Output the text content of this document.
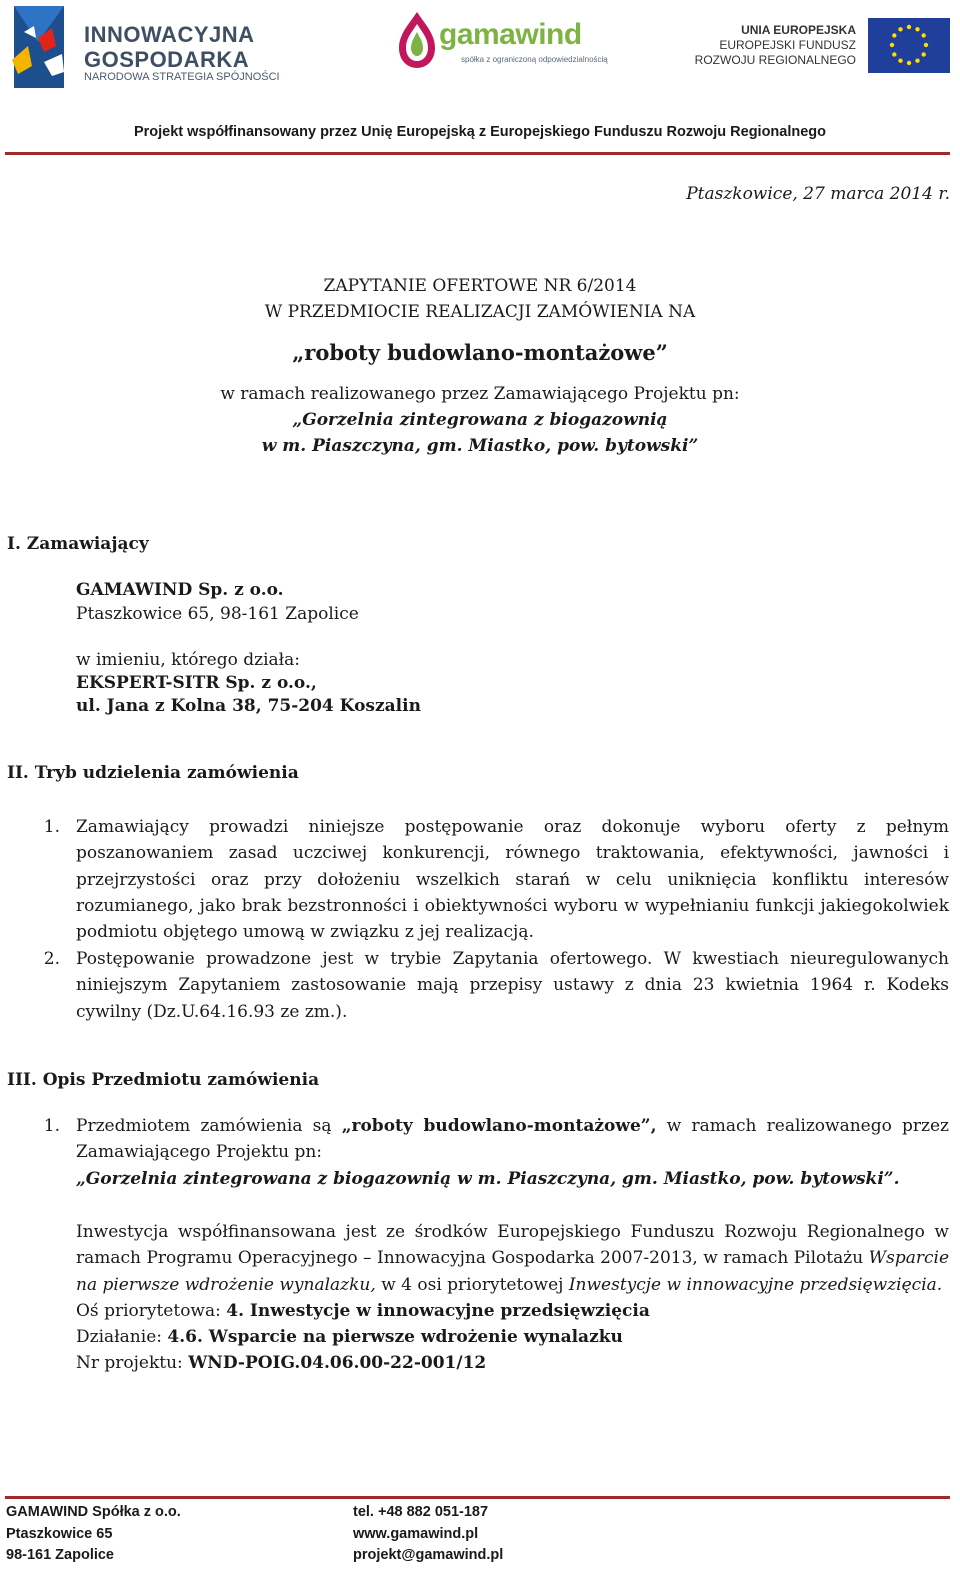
INNOWACYJNA
GOSPODARKA
NARODOWA STRATEGIA SPÓJNOŚCI
gamawind
spółka z ograniczoną odpowiedzialnością
UNIA EUROPEJSKA
EUROPEJSKI FUNDUSZ
ROZWOJU REGIONALNEGO
Projekt współfinansowany przez Unię Europejską z Europejskiego Funduszu Rozwoju Regionalnego
Ptaszkowice, 27 marca 2014 r.
ZAPYTANIE OFERTOWE NR 6/2014
W PRZEDMIOCIE REALIZACJI ZAMÓWIENIA NA
„roboty budowlano-montażowe”
w ramach realizowanego przez Zamawiającego Projektu pn:
„Gorzelnia zintegrowana z biogazownią
w m. Piaszczyna, gm. Miastko, pow. bytowski”
I. Zamawiający
GAMAWIND Sp. z o.o.
Ptaszkowice 65, 98-161 Zapolice
w imieniu, którego działa:
EKSPERT-SITR Sp. z o.o.,
ul. Jana z Kolna 38, 75-204 Koszalin
II. Tryb udzielenia zamówienia
1. Zamawiający prowadzi niniejsze postępowanie oraz dokonuje wyboru oferty z pełnym poszanowaniem zasad uczciwej konkurencji, równego traktowania, efektywności, jawności i przejrzystości oraz przy dołożeniu wszelkich starań w celu uniknięcia konfliktu interesów rozumianego, jako brak bezstronności i obiektywności wyboru w wypełnianiu funkcji jakiegokolwiek podmiotu objętego umową w związku z jej realizacją.
2. Postępowanie prowadzone jest w trybie Zapytania ofertowego. W kwestiach nieuregulowanych niniejszym Zapytaniem zastosowanie mają przepisy ustawy z dnia 23 kwietnia 1964 r. Kodeks cywilny (Dz.U.64.16.93 ze zm.).
III. Opis Przedmiotu zamówienia
1. Przedmiotem zamówienia są „roboty budowlano-montażowe”, w ramach realizowanego przez Zamawiającego Projektu pn:
„Gorzelnia zintegrowana z biogazownią w m. Piaszczyna, gm. Miastko, pow. bytowski”.
Inwestycja współfinansowana jest ze środków Europejskiego Funduszu Rozwoju Regionalnego w ramach Programu Operacyjnego – Innowacyjna Gospodarka 2007-2013, w ramach Pilotażu Wsparcie na pierwsze wdrożenie wynalazku, w 4 osi priorytetowej Inwestycje w innowacyjne przedsięwzięcia.
Oś priorytetowa: 4. Inwestycje w innowacyjne przedsięwzięcia
Działanie: 4.6. Wsparcie na pierwsze wdrożenie wynalazku
Nr projektu: WND-POIG.04.06.00-22-001/12
GAMAWIND Spółka z o.o.
Ptaszkowice 65
98-161 Zapolice
tel. +48 882 051-187
www.gamawind.pl
projekt@gamawind.pl
